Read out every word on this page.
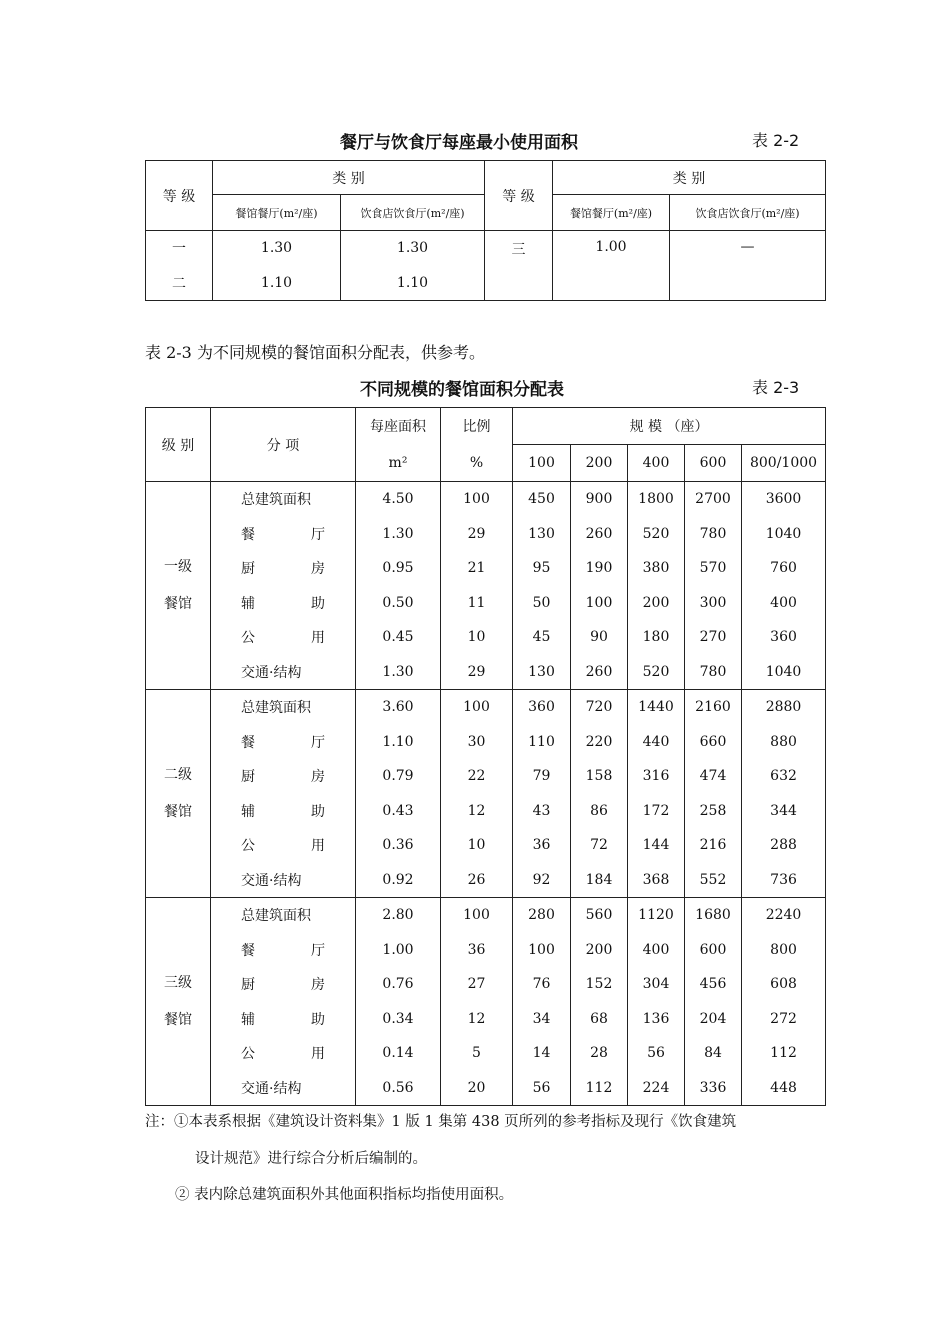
餐厅与饮食厅每座最小使用面积	表 2-2
等 级	类 别		等 级	类 别	
	餐馆餐厅(m²/座)	饮食店饮食厅(m²/座)		餐馆餐厅(m²/座)	饮食店饮食厅(m²/座)
一	1.30	1.30	三	1.00	—
二	1.10	1.10			
表 2-3 为不同规模的餐馆面积分配表，供参考。
不同规模的餐馆面积分配表	表 2-3
级 别	分 项	每座面积	比例	规 模 （座）				
		m²	%	100	200	400	600	800/1000

一级
餐馆	总建筑面积	4.50	100	450	900	1800	2700	3600
	餐厅	1.30	29	130	260	520	780	1040
	厨房	0.95	21	95	190	380	570	760
	辅助	0.50	11	50	100	200	300	400
	公用	0.45	10	45	90	180	270	360
	交通·结构	1.30	29	130	260	520	780	1040

二级
餐馆	总建筑面积	3.60	100	360	720	1440	2160	2880
	餐厅	1.10	30	110	220	440	660	880
	厨房	0.79	22	79	158	316	474	632
	辅助	0.43	12	43	86	172	258	344
	公用	0.36	10	36	72	144	216	288
	交通·结构	0.92	26	92	184	368	552	736

三级
餐馆	总建筑面积	2.80	100	280	560	1120	1680	2240
	餐厅	1.00	36	100	200	400	600	800
	厨房	0.76	27	76	152	304	456	608
	辅助	0.34	12	34	68	136	204	272
	公用	0.14	5	14	28	56	84	112
	交通·结构	0.56	20	56	112	224	336	448
注：①本表系根据《建筑设计资料集》1 版 1 集第 438 页所列的参考指标及现行《饮食建筑
设计规范》进行综合分析后编制的。
② 表内除总建筑面积外其他面积指标均指使用面积。
